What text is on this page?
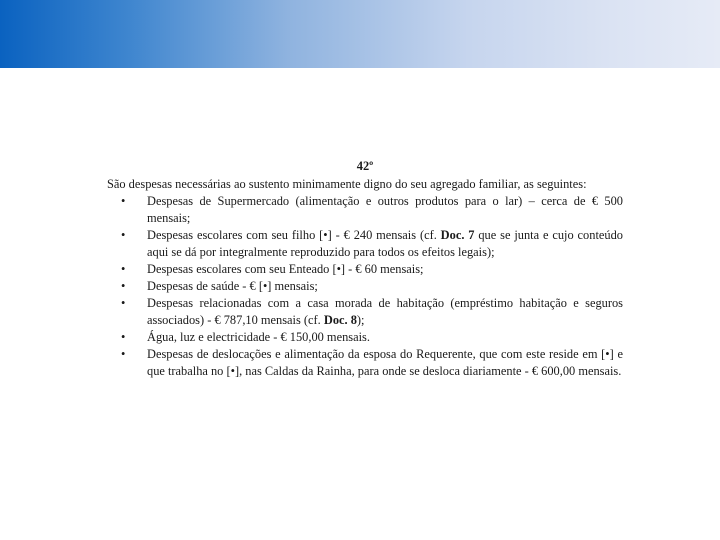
42º

São despesas necessárias ao sustento minimamente digno do seu agregado familiar, as seguintes:

• Despesas de Supermercado (alimentação e outros produtos para o lar) – cerca de € 500 mensais;
• Despesas escolares com seu filho [•] - € 240 mensais (cf. Doc. 7 que se junta e cujo conteúdo aqui se dá por integralmente reproduzido para todos os efeitos legais);
• Despesas escolares com seu Enteado [•] - € 60 mensais;
• Despesas de saúde - € [•] mensais;
• Despesas relacionadas com a casa morada de habitação (empréstimo habitação e seguros associados) - € 787,10 mensais (cf. Doc. 8);
• Água, luz e electricidade - € 150,00 mensais.
• Despesas de deslocações e alimentação da esposa do Requerente, que com este reside em [•] e que trabalha no [•], nas Caldas da Rainha, para onde se desloca diariamente - € 600,00 mensais.
